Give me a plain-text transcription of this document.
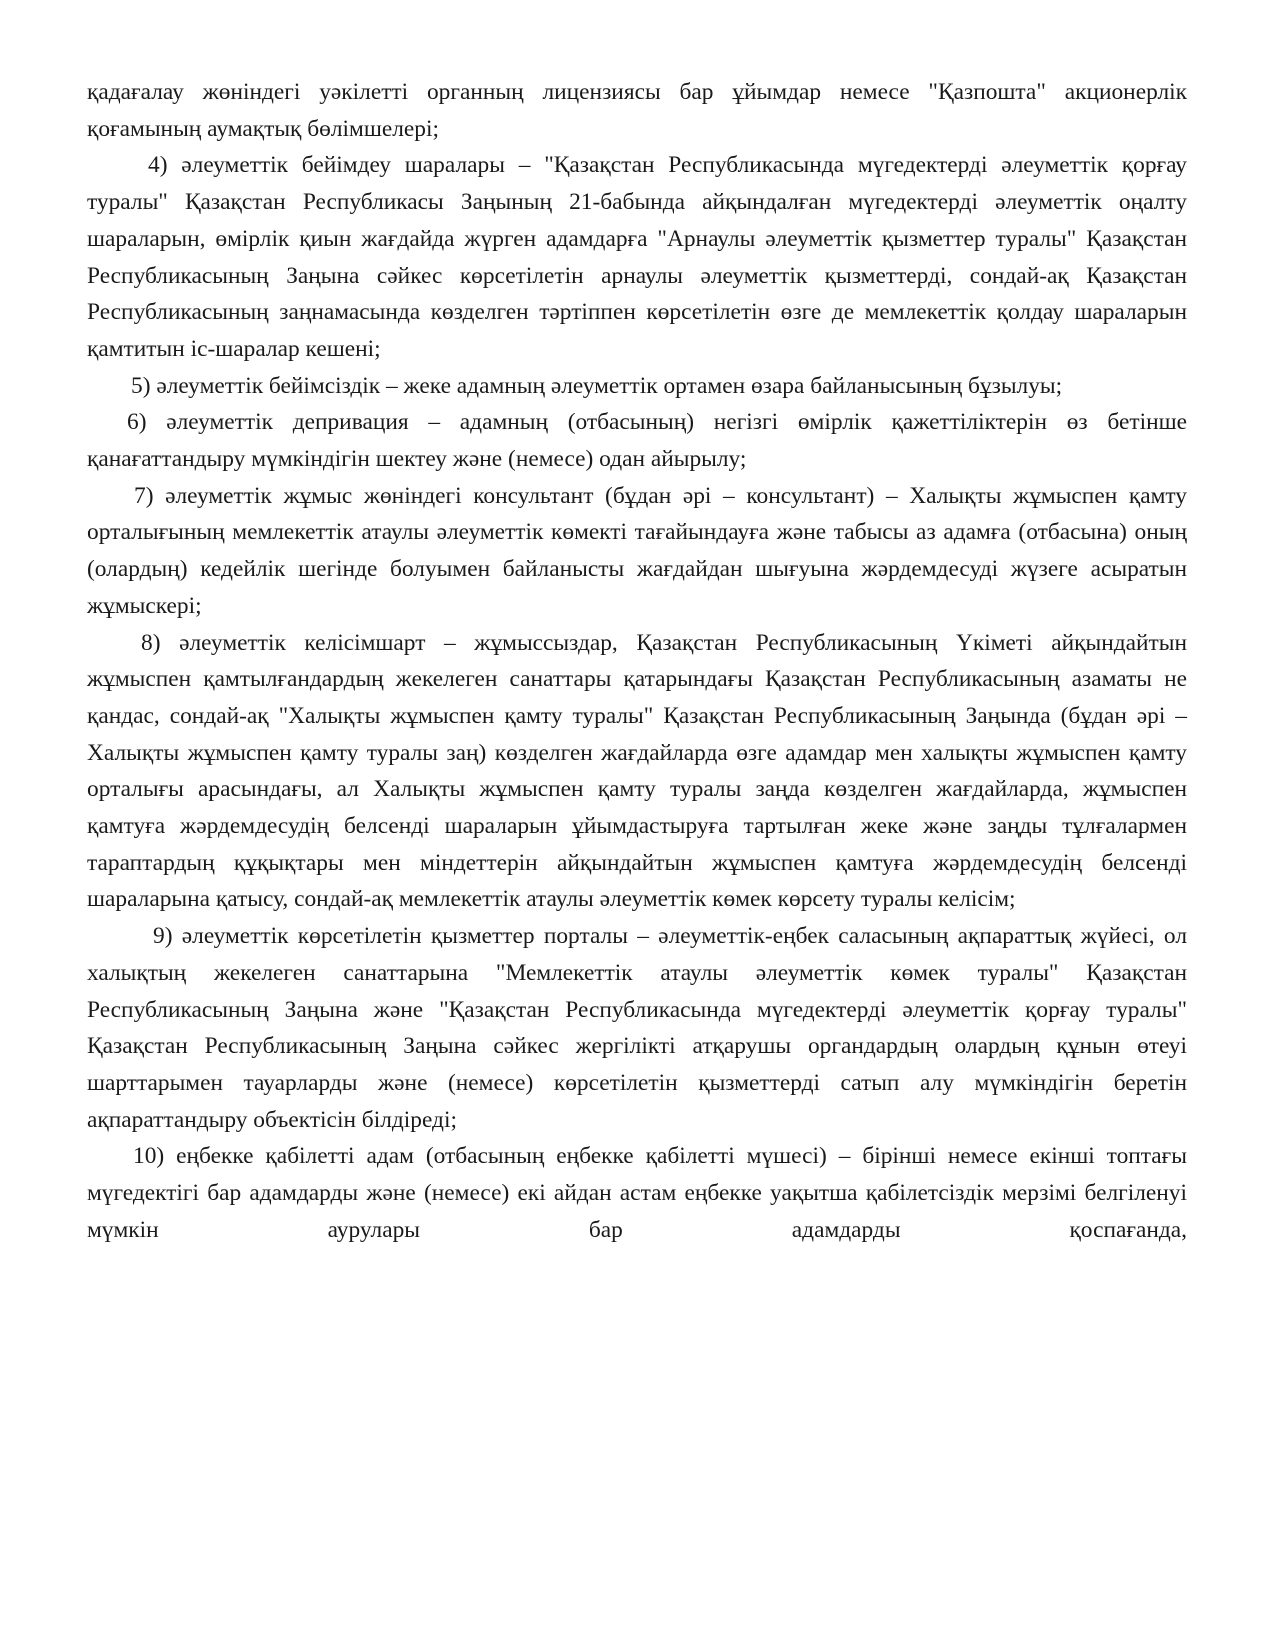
қадағалау жөніндегі уәкілетті органның лицензиясы бар ұйымдар немесе "Қазпошта" акционерлік қоғамының аумақтық бөлімшелері;

4) әлеуметтік бейімдеу шаралары – "Қазақстан Республикасында мүгедектерді әлеуметтік қорғау туралы" Қазақстан Республикасы Заңының 21-бабында айқындалған мүгедектерді әлеуметтік оңалту шараларын, өмірлік қиын жағдайда жүрген адамдарға "Арнаулы әлеуметтік қызметтер туралы" Қазақстан Республикасының Заңына сәйкес көрсетілетін арнаулы әлеуметтік қызметтерді, сондай-ақ Қазақстан Республикасының заңнамасында көзделген тәртіппен көрсетілетін өзге де мемлекеттік қолдау шараларын қамтитын іс-шаралар кешені;

5) әлеуметтік бейімсіздік – жеке адамның әлеуметтік ортамен өзара байланысының бұзылуы;

6) әлеуметтік депривация – адамның (отбасының) негізгі өмірлік қажеттіліктерін өз бетінше қанағаттандыру мүмкіндігін шектеу және (немесе) одан айырылу;

7) әлеуметтік жұмыс жөніндегі консультант (бұдан әрі – консультант) – Халықты жұмыспен қамту орталығының мемлекеттік атаулы әлеуметтік көмекті тағайындауға және табысы аз адамға (отбасына) оның (олардың) кедейлік шегінде болуымен байланысты жағдайдан шығуына жәрдемдесуді жүзеге асыратын жұмыскері;

8) әлеуметтік келісімшарт – жұмыссыздар, Қазақстан Республикасының Үкіметі айқындайтын жұмыспен қамтылғандардың жекелеген санаттары қатарындағы Қазақстан Республикасының азаматы не қандас, сондай-ақ "Халықты жұмыспен қамту туралы" Қазақстан Республикасының Заңында (бұдан әрі – Халықты жұмыспен қамту туралы заң) көзделген жағдайларда өзге адамдар мен халықты жұмыспен қамту орталығы арасындағы, ал Халықты жұмыспен қамту туралы заңда көзделген жағдайларда, жұмыспен қамтуға жәрдемдесудің белсенді шараларын ұйымдастыруға тартылған жеке және заңды тұлғалармен тараптардың құқықтары мен міндеттерін айқындайтын жұмыспен қамтуға жәрдемдесудің белсенді шараларына қатысу, сондай-ақ мемлекеттік атаулы әлеуметтік көмек көрсету туралы келісім;

9) әлеуметтік көрсетілетін қызметтер порталы – әлеуметтік-еңбек саласының ақпараттық жүйесі, ол халықтың жекелеген санаттарына "Мемлекеттік атаулы әлеуметтік көмек туралы" Қазақстан Республикасының Заңына және "Қазақстан Республикасында мүгедектерді әлеуметтік қорғау туралы" Қазақстан Республикасының Заңына сәйкес жергілікті атқарушы органдардың олардың құнын өтеуі шарттарымен тауарларды және (немесе) көрсетілетін қызметтерді сатып алу мүмкіндігін беретін ақпараттандыру объектісін білдіреді;

10) еңбекке қабілетті адам (отбасының еңбекке қабілетті мүшесі) – бірінші немесе екінші топтағы мүгедектігі бар адамдарды және (немесе) екі айдан астам еңбекке уақытша қабілетсіздік мерзімі белгіленуі мүмкін аурулары бар адамдарды қоспағанда,
